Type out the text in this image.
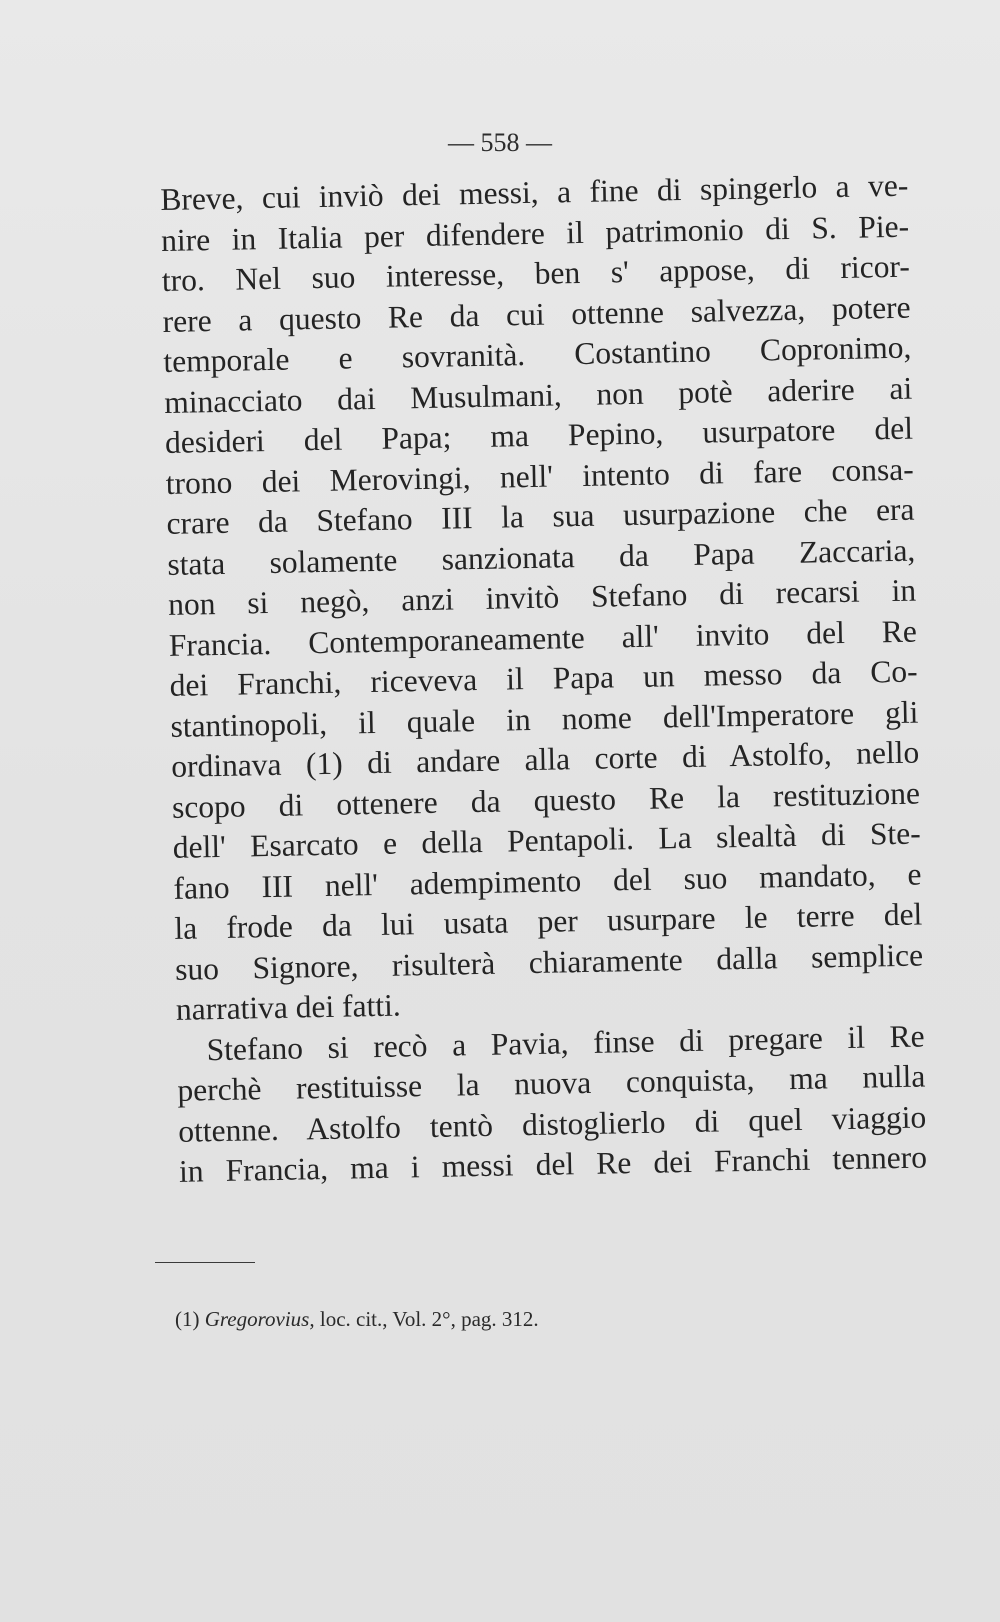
— 558 —
Breve, cui inviò dei messi, a fine di spingerlo a ve-
nire in Italia per difendere il patrimonio di S. Pie-
tro. Nel suo interesse, ben s' appose, di ricor-
rere a questo Re da cui ottenne salvezza, potere
temporale e sovranità. Costantino Copronimo,
minacciato dai Musulmani, non potè aderire ai
desideri del Papa; ma Pepino, usurpatore del
trono dei Merovingi, nell' intento di fare consa-
crare da Stefano III la sua usurpazione che era
stata solamente sanzionata da Papa Zaccaria,
non si negò, anzi invitò Stefano di recarsi in
Francia. Contemporaneamente all' invito del Re
dei Franchi, riceveva il Papa un messo da Co-
stantinopoli, il quale in nome dell'Imperatore gli
ordinava (1) di andare alla corte di Astolfo, nello
scopo di ottenere da questo Re la restituzione
dell' Esarcato e della Pentapoli. La slealtà di Ste-
fano III nell' adempimento del suo mandato, e
la frode da lui usata per usurpare le terre del
suo Signore, risulterà chiaramente dalla semplice
narrativa dei fatti.
Stefano si recò a Pavia, finse di pregare il Re
perchè restituisse la nuova conquista, ma nulla
ottenne. Astolfo tentò distoglierlo di quel viaggio
in Francia, ma i messi del Re dei Franchi tennero
(1) Gregorovius, loc. cit., Vol. 2°, pag. 312.
